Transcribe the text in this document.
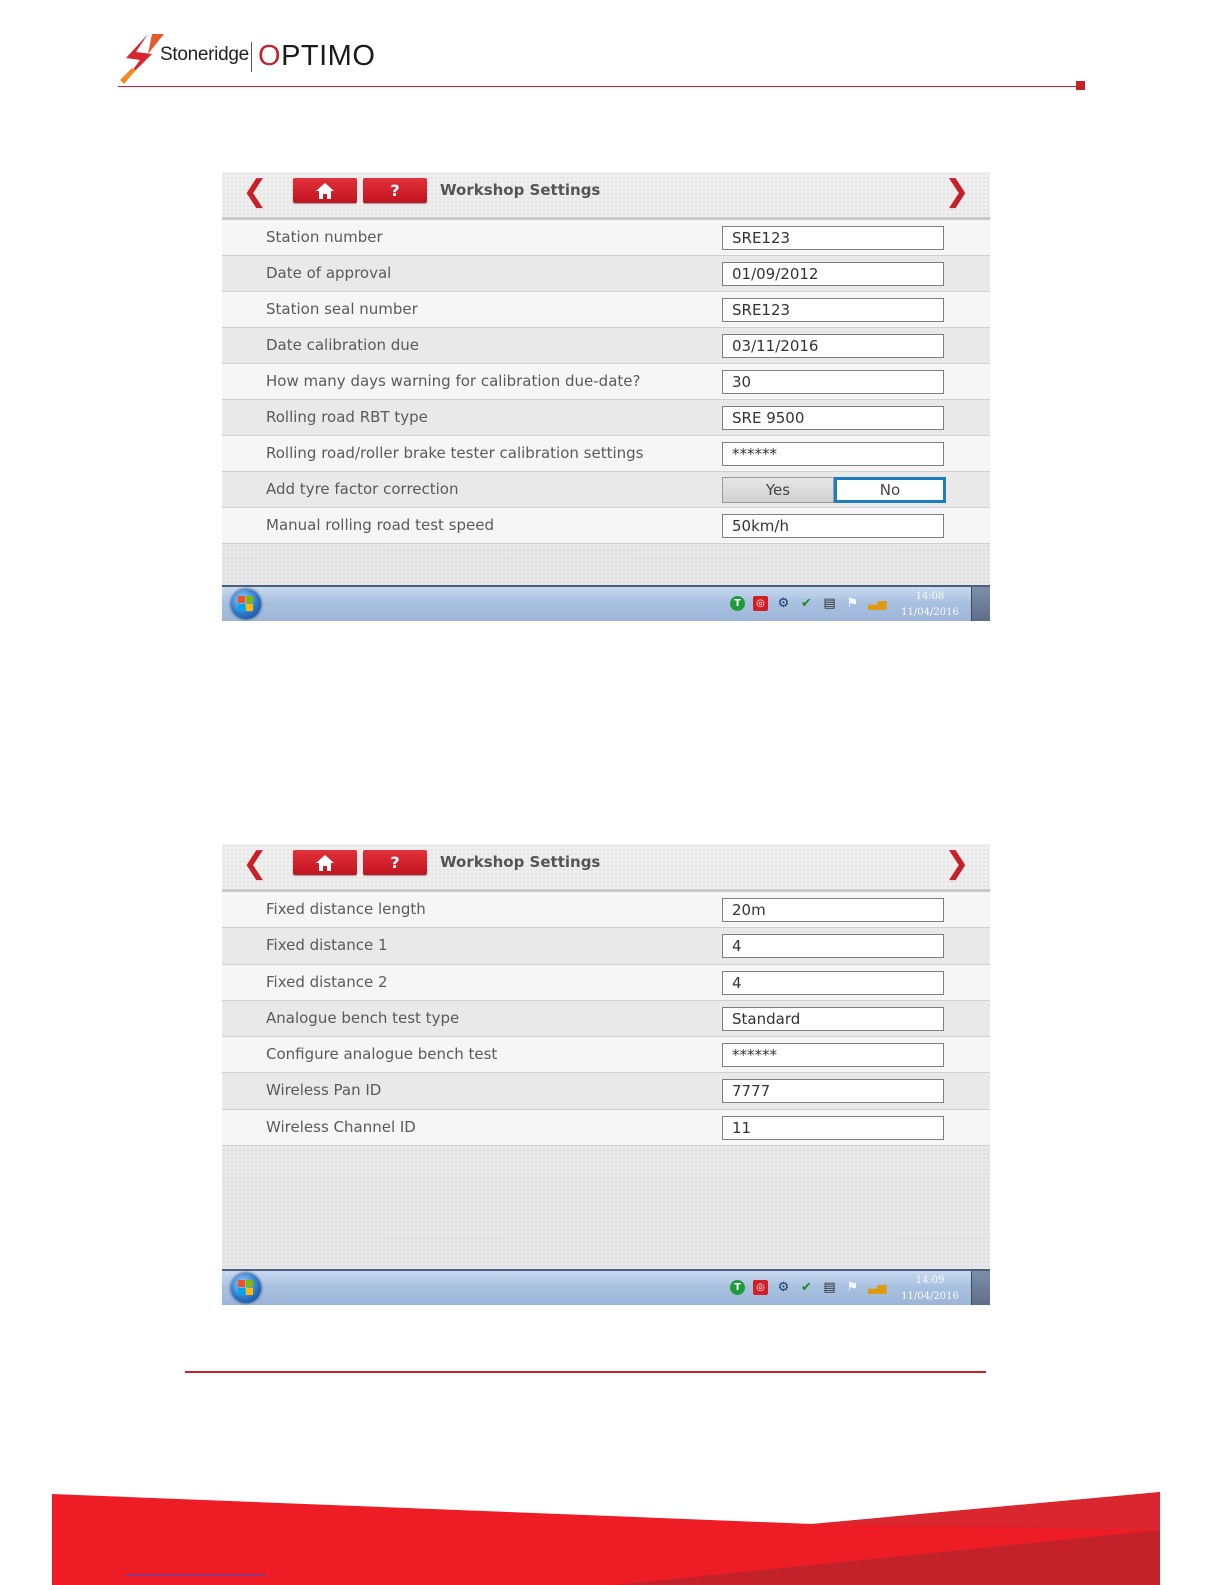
Stoneridge OPTIMO
❮	?	Workshop Settings	❯
Station number	SRE123
Date of approval	01/09/2012
Station seal number	SRE123
Date calibration due	03/11/2016
How many days warning for calibration due-date?	30
Rolling road RBT type	SRE 9500
Rolling road/roller brake tester calibration settings	******
Add tyre factor correction	Yes	No
Manual rolling road test speed	50km/h
T	◎ ⚙ ✔ ▤ ⚑ ▃▅	14:08
11/04/2016
❮	?	Workshop Settings	❯
Fixed distance length	20m
Fixed distance 1	4
Fixed distance 2	4
Analogue bench test type	Standard
Configure analogue bench test	******
Wireless Pan ID	7777
Wireless Channel ID	11
T	◎ ⚙ ✔ ▤ ⚑ ▃▅	14:09
11/04/2016
